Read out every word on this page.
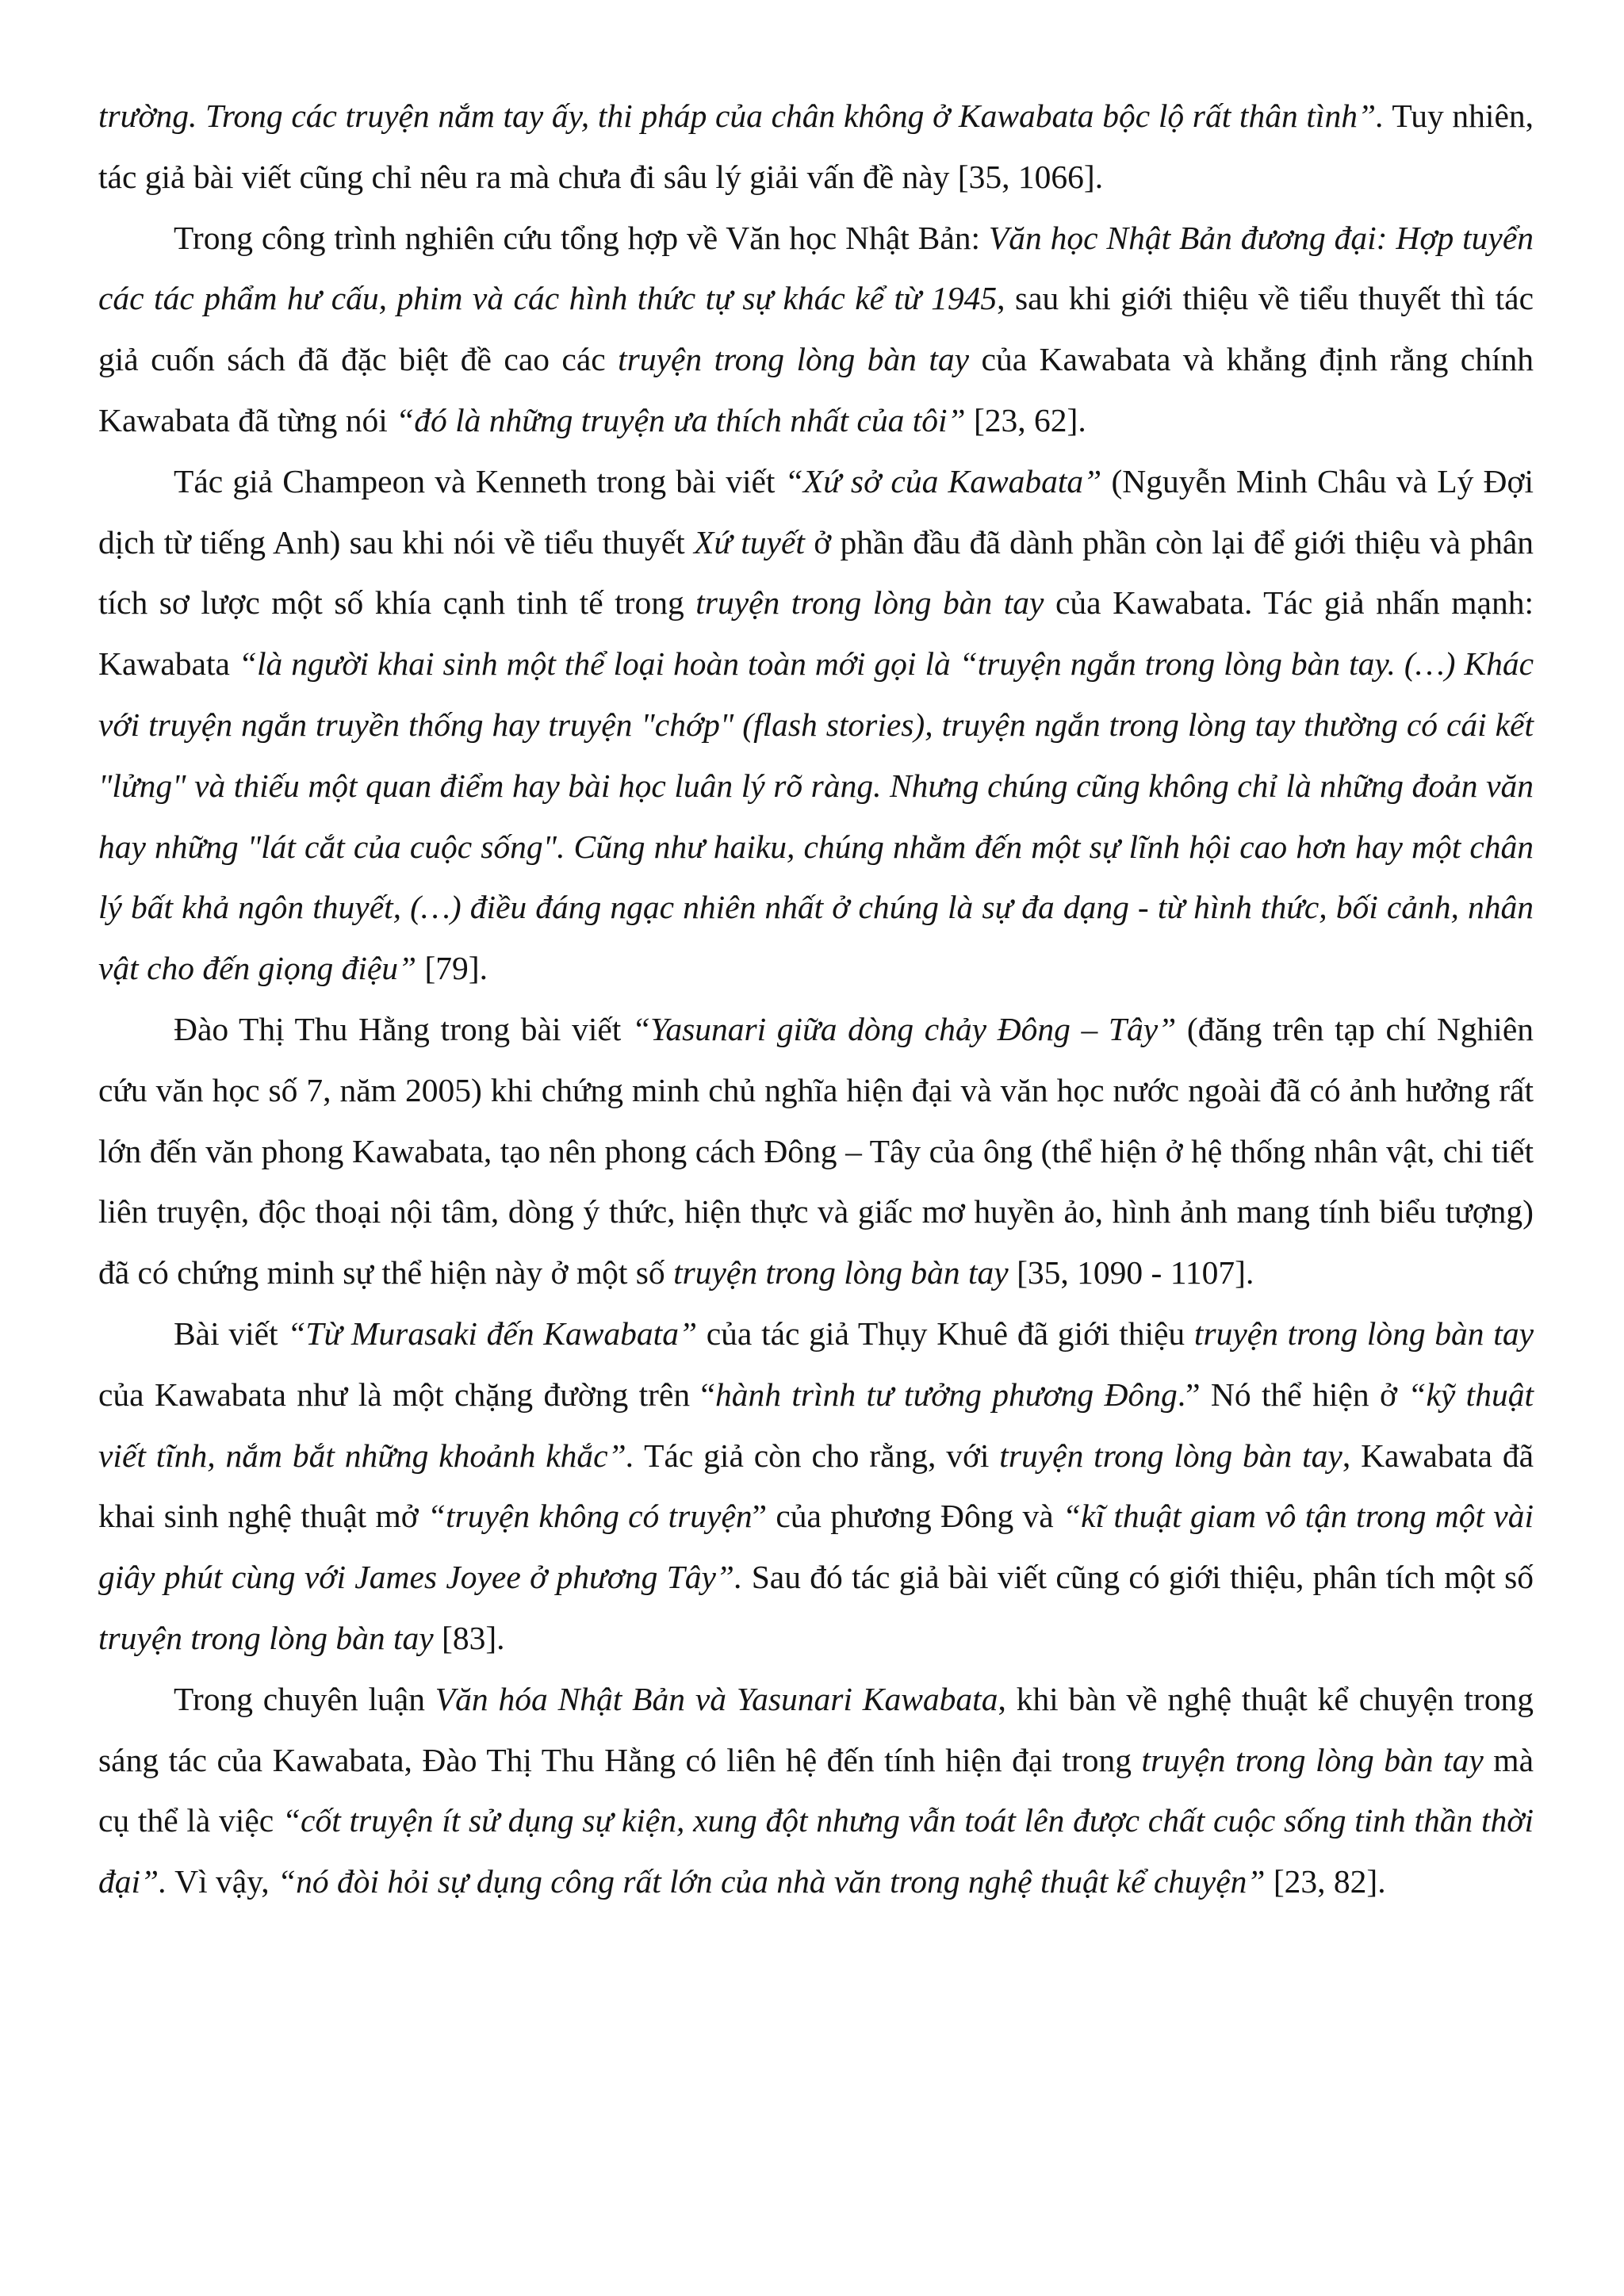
trường. Trong các truyện nắm tay ấy, thi pháp của chân không ở Kawabata bộc lộ rất thân tình”. Tuy nhiên, tác giả bài viết cũng chỉ nêu ra mà chưa đi sâu lý giải vấn đề này [35, 1066].

Trong công trình nghiên cứu tổng hợp về Văn học Nhật Bản: Văn học Nhật Bản đương đại: Hợp tuyển các tác phẩm hư cấu, phim và các hình thức tự sự khác kể từ 1945, sau khi giới thiệu về tiểu thuyết thì tác giả cuốn sách đã đặc biệt đề cao các truyện trong lòng bàn tay của Kawabata và khẳng định rằng chính Kawabata đã từng nói “đó là những truyện ưa thích nhất của tôi” [23, 62].

Tác giả Champeon và Kenneth trong bài viết “Xứ sở của Kawabata” (Nguyễn Minh Châu và Lý Đợi dịch từ tiếng Anh) sau khi nói về tiểu thuyết Xứ tuyết ở phần đầu đã dành phần còn lại để giới thiệu và phân tích sơ lược một số khía cạnh tinh tế trong truyện trong lòng bàn tay của Kawabata. Tác giả nhấn mạnh: Kawabata “là người khai sinh một thể loại hoàn toàn mới gọi là “truyện ngắn trong lòng bàn tay. (…) Khác với truyện ngắn truyền thống hay truyện "chớp" (flash stories), truyện ngắn trong lòng tay thường có cái kết "lửng" và thiếu một quan điểm hay bài học luân lý rõ ràng. Nhưng chúng cũng không chỉ là những đoản văn hay những "lát cắt của cuộc sống". Cũng như haiku, chúng nhằm đến một sự lĩnh hội cao hơn hay một chân lý bất khả ngôn thuyết, (…) điều đáng ngạc nhiên nhất ở chúng là sự đa dạng - từ hình thức, bối cảnh, nhân vật cho đến giọng điệu” [79].

Đào Thị Thu Hằng trong bài viết “Yasunari giữa dòng chảy Đông – Tây” (đăng trên tạp chí Nghiên cứu văn học số 7, năm 2005) khi chứng minh chủ nghĩa hiện đại và văn học nước ngoài đã có ảnh hưởng rất lớn đến văn phong Kawabata, tạo nên phong cách Đông – Tây của ông (thể hiện ở hệ thống nhân vật, chi tiết liên truyện, độc thoại nội tâm, dòng ý thức, hiện thực và giấc mơ huyền ảo, hình ảnh mang tính biểu tượng) đã có chứng minh sự thể hiện này ở một số truyện trong lòng bàn tay [35, 1090 - 1107].

Bài viết “Từ Murasaki đến Kawabata” của tác giả Thụy Khuê đã giới thiệu truyện trong lòng bàn tay của Kawabata như là một chặng đường trên “hành trình tư tưởng phương Đông.” Nó thể hiện ở “kỹ thuật viết tĩnh, nắm bắt những khoảnh khắc”. Tác giả còn cho rằng, với truyện trong lòng bàn tay, Kawabata đã khai sinh nghệ thuật mở “truyện không có truyện” của phương Đông và “kĩ thuật giam vô tận trong một vài giây phút cùng với James Joyee ở phương Tây”. Sau đó tác giả bài viết cũng có giới thiệu, phân tích một số truyện trong lòng bàn tay [83].

Trong chuyên luận Văn hóa Nhật Bản và Yasunari Kawabata, khi bàn về nghệ thuật kể chuyện trong sáng tác của Kawabata, Đào Thị Thu Hằng có liên hệ đến tính hiện đại trong truyện trong lòng bàn tay mà cụ thể là việc “cốt truyện ít sử dụng sự kiện, xung đột nhưng vẫn toát lên được chất cuộc sống tinh thần thời đại”. Vì vậy, “nó đòi hỏi sự dụng công rất lớn của nhà văn trong nghệ thuật kể chuyện” [23, 82].
